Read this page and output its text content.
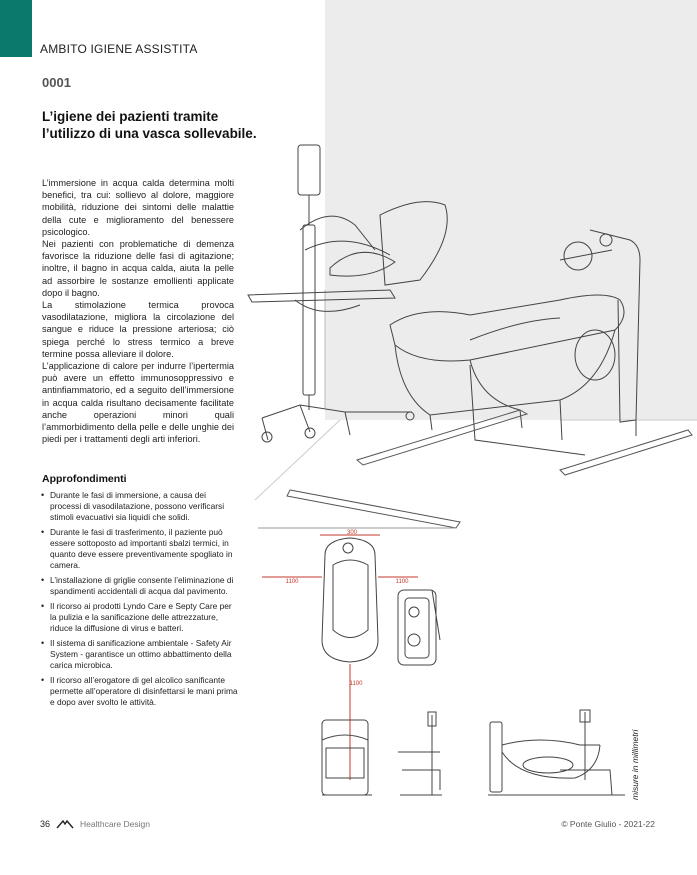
AMBITO IGIENE ASSISTITA
0001
L’igiene dei pazienti tramite l’utilizzo di una vasca sollevabile.

L’immersione in acqua calda determina molti benefici, tra cui: sollievo al dolore, maggiore mobilità, riduzione dei sintomi delle malattie della cute e miglioramento del benessere psicologico.

Nei pazienti con problematiche di demenza favorisce la riduzione delle fasi di agitazione; inoltre, il bagno in acqua calda, aiuta la pelle ad assorbire le sostanze emollienti applicate dopo il bagno.

La stimolazione termica provoca vasodilatazione, migliora la circolazione del sangue e riduce la pressione arteriosa; ciò spiega perché lo stress termico a breve termine possa alleviare il dolore.

L’applicazione di calore per indurre l’ipertermia può avere un effetto immunosoppressivo e antinfiammatorio, ed a seguito dell’immersione in acqua calda risultano decisamente facilitate anche operazioni minori quali l’ammorbidimento della pelle e delle unghie dei piedi per i trattamenti degli arti inferiori.

Approfondimenti
• Durante le fasi di immersione, a causa dei processi di vasodilatazione, possono verificarsi stimoli evacuativi sia liquidi che solidi.
• Durante le fasi di trasferimento, il paziente può essere sottoposto ad importanti sbalzi termici, in quanto deve essere preventivamente spogliato in camera.
• L’installazione di griglie consente l’eliminazione di spandimenti accidentali di acqua dal pavimento.
• Il ricorso ai prodotti Lyndo Care e Septy Care per la pulizia e la sanificazione delle attrezzature, riduce la diffusione di virus e batteri.
• Il sistema di sanificazione ambientale - Safety Air System - garantisce un ottimo abbattimento della carica microbica.
• Il ricorso all’erogatore di gel alcolico sanificante permette all’operatore di disinfettarsi le mani prima e dopo aver svolto le attività.
300
1100	1100
1100
misure in millimetri
36	Healthcare Design	© Ponte Giulio - 2021-22
